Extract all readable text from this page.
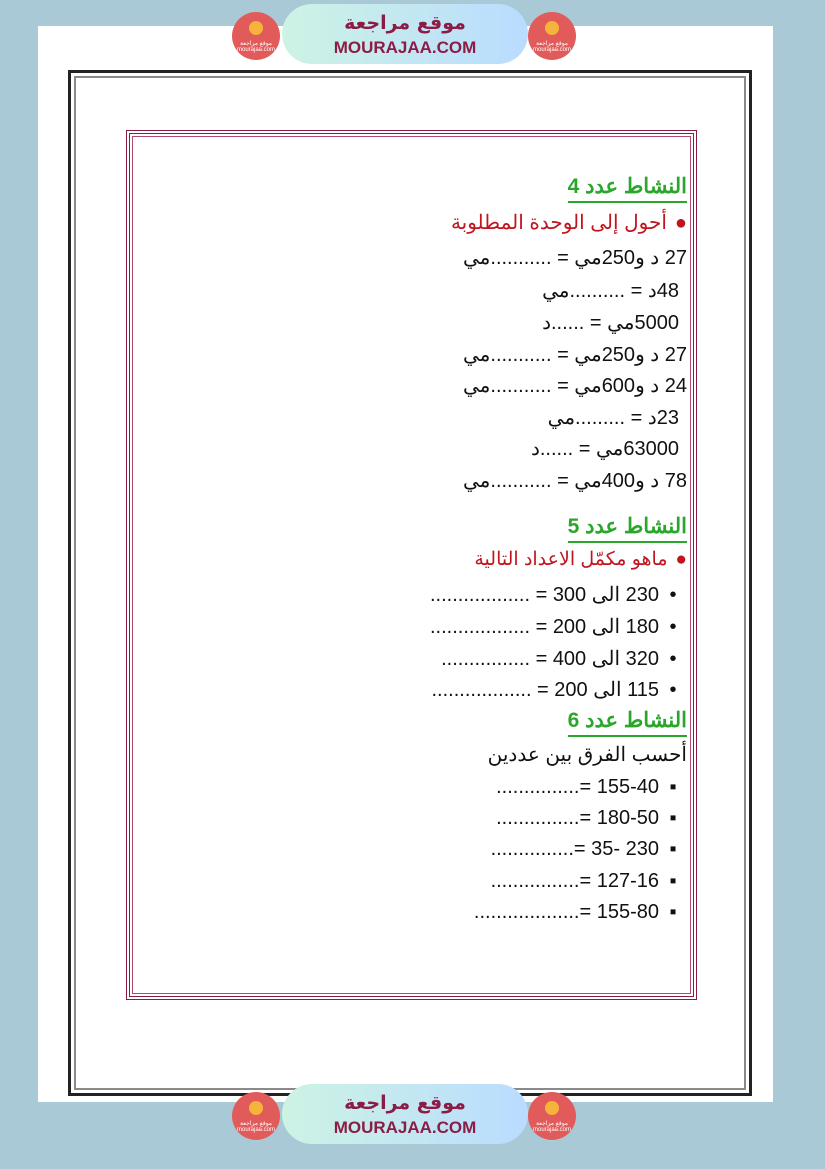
موقع مراجعة mourajaa.com
موقع مراجعة
MOURAJAA.COM	موقع مراجعة mourajaa.com
النشاط عدد 4
●أحول إلى الوحدة المطلوبة
27 د و250مي = ...........مي
48د = ..........مي
5000مي = ......د
27 د و250مي = ...........مي
24 د و600مي = ...........مي
23د = .........مي
63000مي = ......د
78 د و400مي = ...........مي
النشاط عدد 5
●ماهو مكمّل الاعداد التالية
•230 الى 300 = ..................
•180 الى 200 = ..................
•320 الى 400 = ................
•115 الى 200 = ..................
النشاط عدد 6
أحسب الفرق بين عددين
▪155-40 =...............
▪180-50 =...............
▪230 -35 =...............
▪127-16 =................
▪155-80 =...................
موقع مراجعة mourajaa.com
موقع مراجعة
MOURAJAA.COM	موقع مراجعة mourajaa.com
